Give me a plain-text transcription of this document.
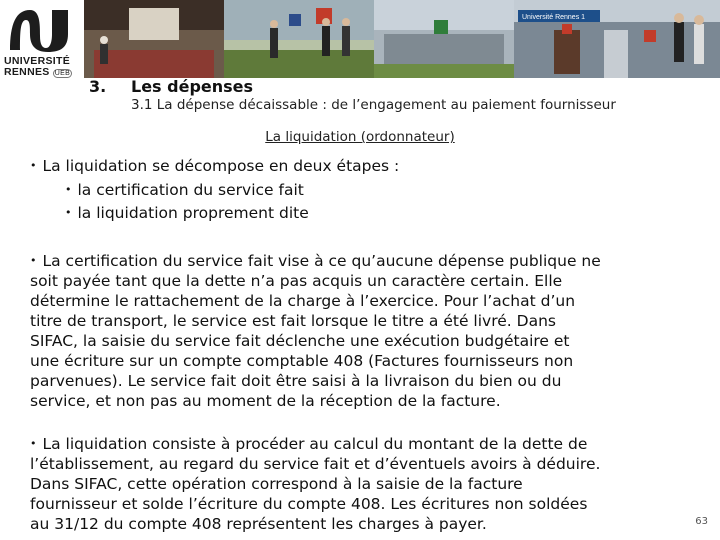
UNIVERSITÉ
RENNES UEB
Université Rennes 1
3. Les dépenses
3.1 La dépense décaissable : de l’engagement au paiement fournisseur
La liquidation (ordonnateur)
• La liquidation se décompose en deux étapes :
• la certification du service fait
• la liquidation proprement dite
• La certification du service fait vise à ce qu’aucune dépense publique ne
soit payée tant que la dette n’a pas acquis un caractère certain. Elle
détermine le rattachement de la charge à l’exercice. Pour l’achat d’un
titre de transport, le service est fait lorsque le titre a été livré. Dans
SIFAC, la saisie du service fait déclenche une exécution budgétaire et
une écriture sur un compte comptable 408 (Factures fournisseurs non
parvenues). Le service fait doit être saisi à la livraison du bien ou du
service, et non pas au moment de la réception de la facture.
• La liquidation consiste à procéder au calcul du montant de la dette de
l’établissement, au regard du service fait et d’éventuels avoirs à déduire.
Dans SIFAC, cette opération correspond à la saisie de la facture
fournisseur et solde l’écriture du compte 408. Les écritures non soldées
au 31/12 du compte 408 représentent les charges à payer.	63
